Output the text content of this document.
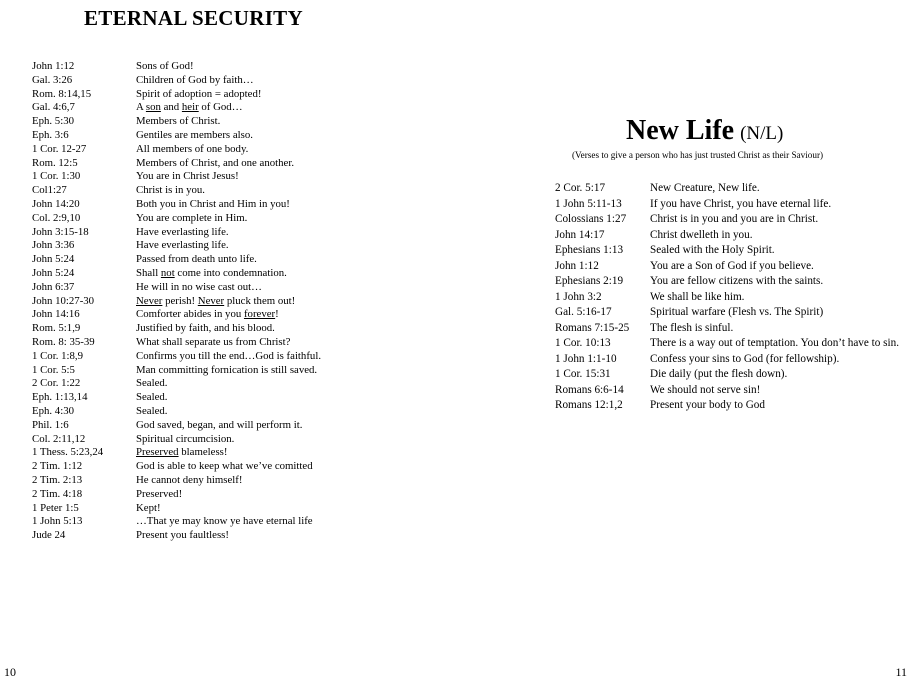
ETERNAL SECURITY
John 1:12	Sons of God!
Gal. 3:26	Children of God by faith…
Rom. 8:14,15	Spirit of adoption = adopted!
Gal. 4:6,7	A son and heir of God…
Eph. 5:30	Members of Christ.
Eph. 3:6	Gentiles are members also.
1 Cor. 12-27	All members of one body.
Rom. 12:5	Members of Christ, and one another.
1 Cor. 1:30	You are in Christ Jesus!
Col1:27	Christ is in you.
John 14:20	Both you in Christ and Him in you!
Col. 2:9,10	You are complete in Him.
John 3:15-18	Have everlasting life.
John 3:36	Have everlasting life.
John 5:24	Passed from death unto life.
John 5:24	Shall not come into condemnation.
John 6:37	He will in no wise cast out…
John 10:27-30	Never perish! Never pluck them out!
John 14:16	Comforter abides in you forever!
Rom. 5:1,9	Justified by faith, and his blood.
Rom. 8: 35-39	What shall separate us from Christ?
1 Cor. 1:8,9	Confirms you till the end…God is faithful.
1 Cor. 5:5	Man committing fornication is still saved.
2 Cor. 1:22	Sealed.
Eph. 1:13,14	Sealed.
Eph. 4:30	Sealed.
Phil. 1:6	God saved, began, and will perform it.
Col. 2:11,12	Spiritual circumcision.
1 Thess. 5:23,24	Preserved blameless!
2 Tim. 1:12	God is able to keep what we’ve comitted
2 Tim. 2:13	He cannot deny himself!
2 Tim. 4:18	Preserved!
1 Peter 1:5	Kept!
1 John 5:13	…That ye may know ye have eternal life
Jude 24	Present you faultless!
10
New Life (N/L)
(Verses to give a person who has just trusted Christ as their Saviour)
2 Cor. 5:17	New Creature, New life.
1 John 5:11-13	If you have Christ, you have eternal life.
Colossians 1:27	Christ is in you and you are in Christ.
John 14:17	Christ dwelleth in you.
Ephesians 1:13	Sealed with the Holy Spirit.
John 1:12	You are a Son of God if you believe.
Ephesians 2:19	You are fellow citizens with the saints.
1 John 3:2	We shall be like him.
Gal. 5:16-17	Spiritual warfare (Flesh vs. The Spirit)
Romans 7:15-25	The flesh is sinful.
1 Cor. 10:13	There is a way out of temptation. You don’t have to sin.
1 John 1:1-10	Confess your sins to God (for fellowship).
1 Cor. 15:31	Die daily (put the flesh down).
Romans 6:6-14	We should not serve sin!
Romans 12:1,2	Present your body to God
11
